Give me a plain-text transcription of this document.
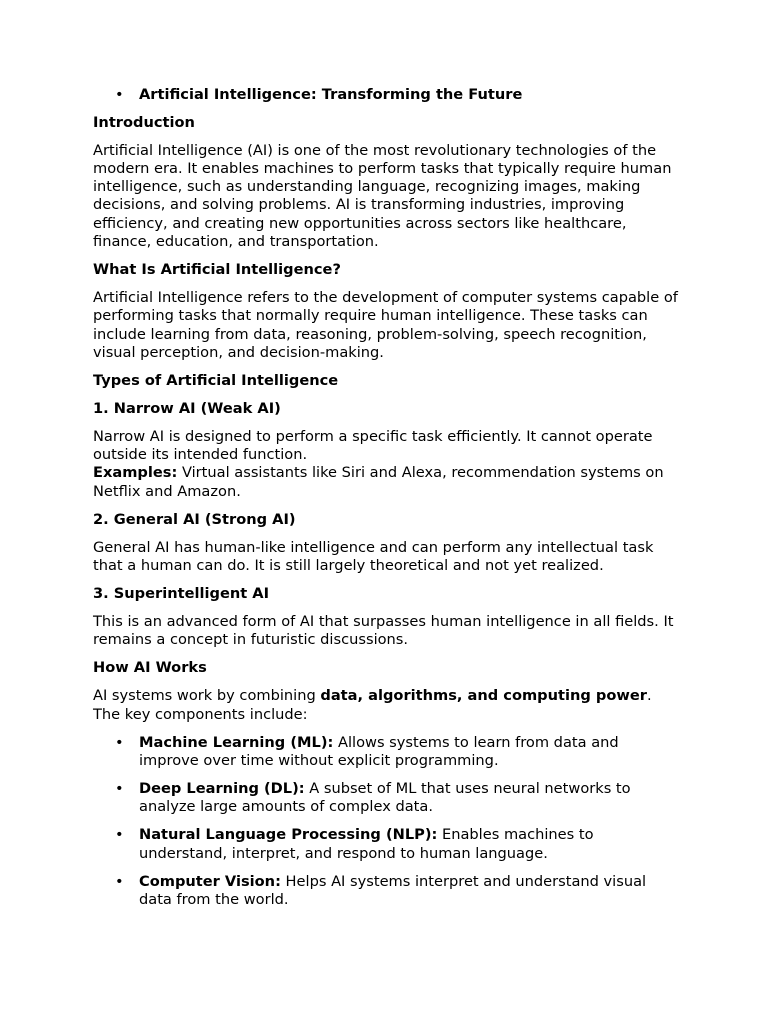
• Artificial Intelligence: Transforming the Future

Introduction

Artificial Intelligence (AI) is one of the most revolutionary technologies of the modern era. It enables machines to perform tasks that typically require human intelligence, such as understanding language, recognizing images, making decisions, and solving problems. AI is transforming industries, improving efficiency, and creating new opportunities across sectors like healthcare, finance, education, and transportation.

What Is Artificial Intelligence?

Artificial Intelligence refers to the development of computer systems capable of performing tasks that normally require human intelligence. These tasks can include learning from data, reasoning, problem-solving, speech recognition, visual perception, and decision-making.

Types of Artificial Intelligence

1. Narrow AI (Weak AI)

Narrow AI is designed to perform a specific task efficiently. It cannot operate outside its intended function.
Examples: Virtual assistants like Siri and Alexa, recommendation systems on Netflix and Amazon.

2. General AI (Strong AI)

General AI has human-like intelligence and can perform any intellectual task that a human can do. It is still largely theoretical and not yet realized.

3. Superintelligent AI

This is an advanced form of AI that surpasses human intelligence in all fields. It remains a concept in futuristic discussions.

How AI Works

AI systems work by combining data, algorithms, and computing power. The key components include:

• Machine Learning (ML): Allows systems to learn from data and improve over time without explicit programming.
• Deep Learning (DL): A subset of ML that uses neural networks to analyze large amounts of complex data.
• Natural Language Processing (NLP): Enables machines to understand, interpret, and respond to human language.
• Computer Vision: Helps AI systems interpret and understand visual data from the world.
